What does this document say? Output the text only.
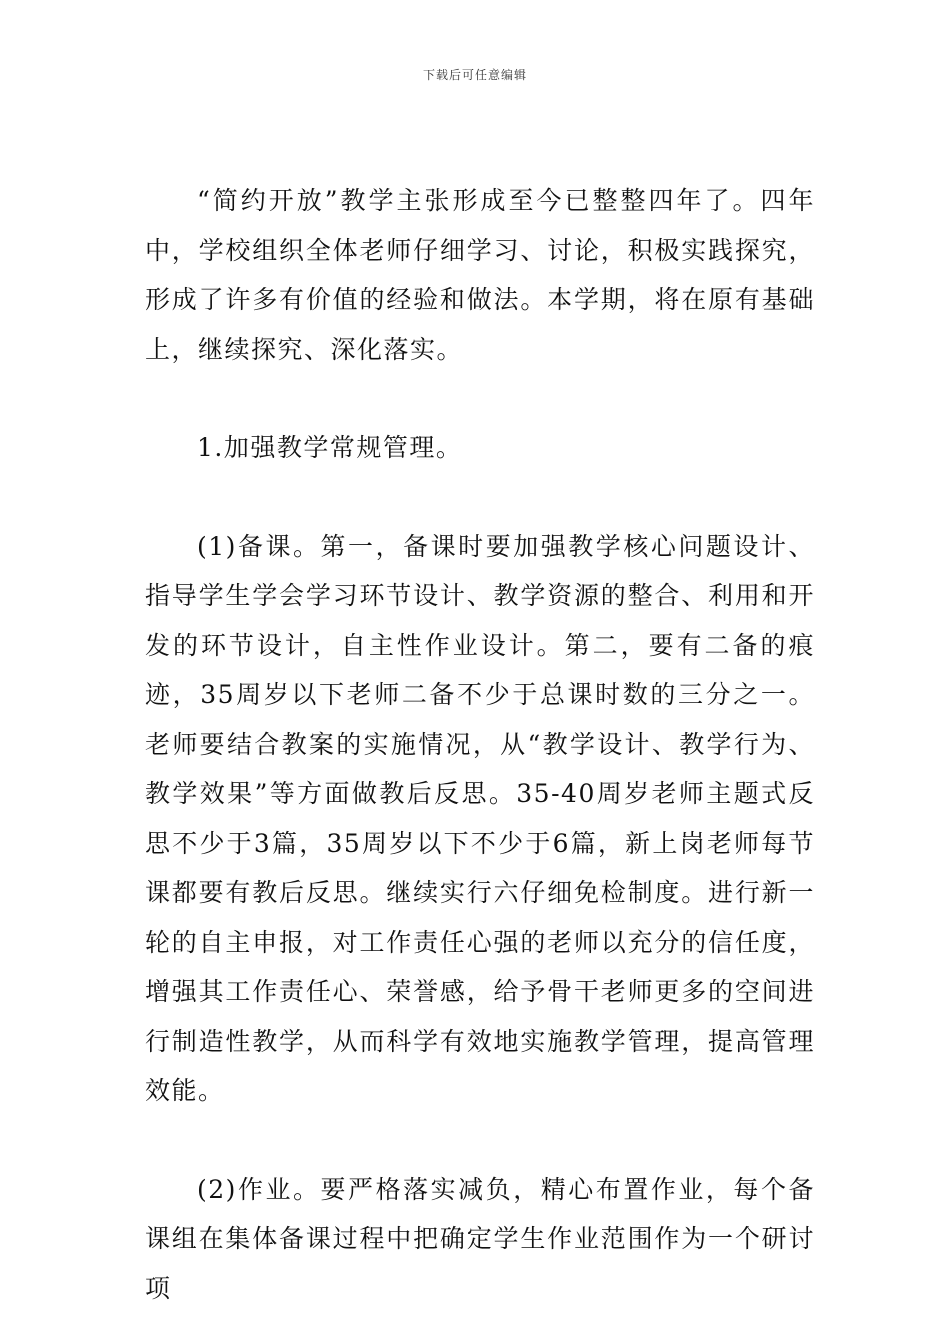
下载后可任意编辑

“简约开放”教学主张形成至今已整整四年了。四年中，学校组织全体老师仔细学习、讨论，积极实践探究，形成了许多有价值的经验和做法。本学期，将在原有基础上，继续探究、深化落实。

1.加强教学常规管理。

(1)备课。第一，备课时要加强教学核心问题设计、指导学生学会学习环节设计、教学资源的整合、利用和开发的环节设计，自主性作业设计。第二，要有二备的痕迹，35周岁以下老师二备不少于总课时数的三分之一。老师要结合教案的实施情况，从“教学设计、教学行为、教学效果”等方面做教后反思。35-40周岁老师主题式反思不少于3篇，35周岁以下不少于6篇，新上岗老师每节课都要有教后反思。继续实行六仔细免检制度。进行新一轮的自主申报，对工作责任心强的老师以充分的信任度，增强其工作责任心、荣誉感，给予骨干老师更多的空间进行制造性教学，从而科学有效地实施教学管理，提高管理效能。

(2)作业。要严格落实减负，精心布置作业，每个备课组在集体备课过程中把确定学生作业范围作为一个研讨项
